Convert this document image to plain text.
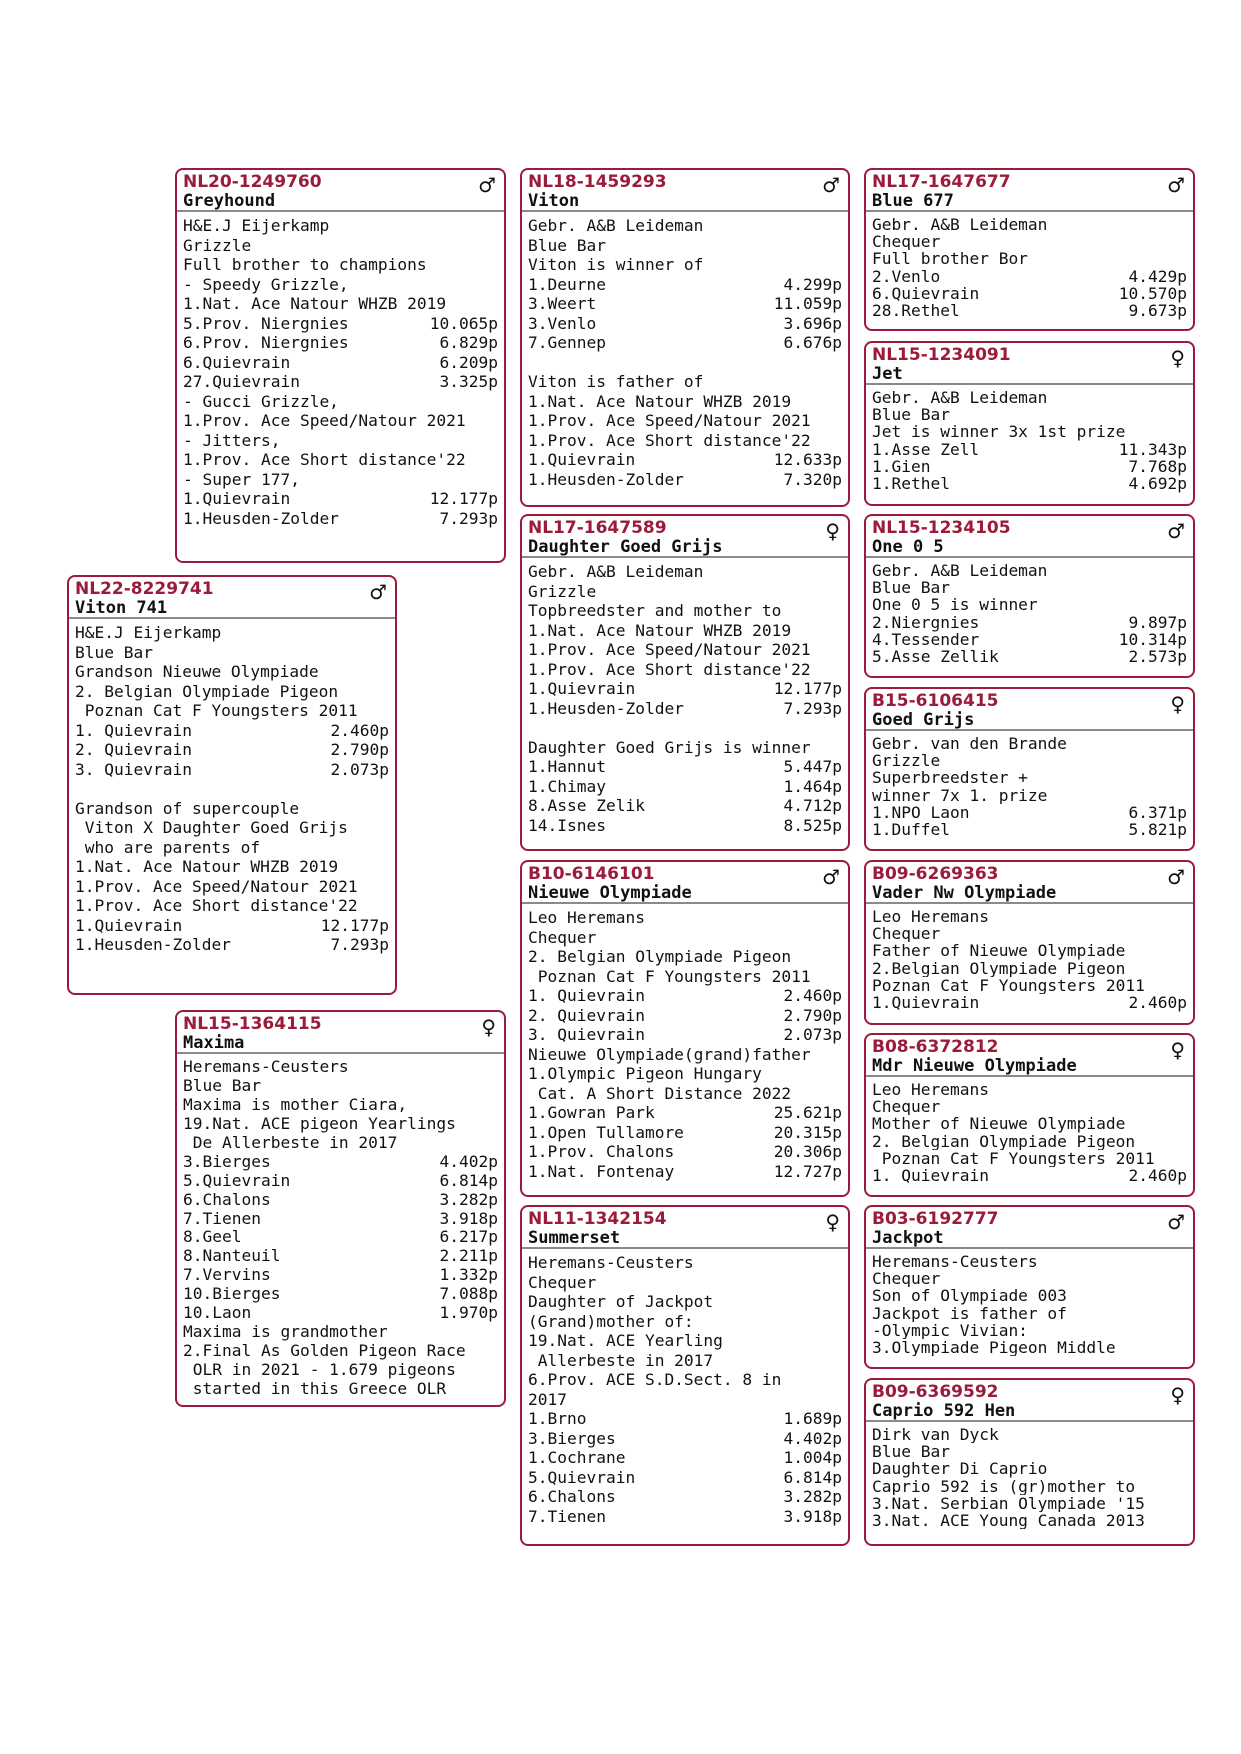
NL20-1249760
Greyhound
♂
H&E.J Eijerkamp
Grizzle
Full brother to champions
- Speedy Grizzle,
1.Nat. Ace Natour WHZB 2019
5.Prov. Niergnies	10.065p
6.Prov. Niergnies	6.829p
6.Quievrain	6.209p
27.Quievrain	3.325p
- Gucci Grizzle,
1.Prov. Ace Speed/Natour 2021
- Jitters,
1.Prov. Ace Short distance'22
- Super 177,
1.Quievrain	12.177p
1.Heusden-Zolder	7.293p
NL18-1459293
Viton
♂
Gebr. A&B Leideman
Blue Bar
Viton is winner of
1.Deurne	4.299p
3.Weert	11.059p
3.Venlo	3.696p
7.Gennep	6.676p
Viton is father of
1.Nat. Ace Natour WHZB 2019
1.Prov. Ace Speed/Natour 2021
1.Prov. Ace Short distance'22
1.Quievrain	12.633p
1.Heusden-Zolder	7.320p
NL17-1647677
Blue 677
♂
Gebr. A&B Leideman
Chequer
Full brother Bor
2.Venlo	4.429p
6.Quievrain	10.570p
28.Rethel	9.673p
NL15-1234091
Jet
♀
Gebr. A&B Leideman
Blue Bar
Jet is winner 3x 1st prize
1.Asse Zell	11.343p
1.Gien	7.768p
1.Rethel	4.692p
NL17-1647589
Daughter Goed Grijs
♀
Gebr. A&B Leideman
Grizzle
Topbreedster and mother to
1.Nat. Ace Natour WHZB 2019
1.Prov. Ace Speed/Natour 2021
1.Prov. Ace Short distance'22
1.Quievrain	12.177p
1.Heusden-Zolder	7.293p
Daughter Goed Grijs is winner
1.Hannut	5.447p
1.Chimay	1.464p
8.Asse Zelik	4.712p
14.Isnes	8.525p
NL15-1234105
One 0 5
♂
Gebr. A&B Leideman
Blue Bar
One 0 5 is winner
2.Niergnies	9.897p
4.Tessender	10.314p
5.Asse Zellik	2.573p
NL22-8229741
Viton 741
♂
H&E.J Eijerkamp
Blue Bar
Grandson Nieuwe Olympiade
2. Belgian Olympiade Pigeon
Poznan Cat F Youngsters 2011
1. Quievrain	2.460p
2. Quievrain	2.790p
3. Quievrain	2.073p
Grandson of supercouple
Viton X Daughter Goed Grijs
who are parents of
1.Nat. Ace Natour WHZB 2019
1.Prov. Ace Speed/Natour 2021
1.Prov. Ace Short distance'22
1.Quievrain	12.177p
1.Heusden-Zolder	7.293p
B15-6106415
Goed Grijs
♀
Gebr. van den Brande
Grizzle
Superbreedster +
winner 7x 1. prize
1.NPO Laon	6.371p
1.Duffel	5.821p
B10-6146101
Nieuwe Olympiade
♂
Leo Heremans
Chequer
2. Belgian Olympiade Pigeon
Poznan Cat F Youngsters 2011
1. Quievrain	2.460p
2. Quievrain	2.790p
3. Quievrain	2.073p
Nieuwe Olympiade(grand)father
1.Olympic Pigeon Hungary
Cat. A Short Distance 2022
1.Gowran Park	25.621p
1.Open Tullamore	20.315p
1.Prov. Chalons	20.306p
1.Nat. Fontenay	12.727p
B09-6269363
Vader Nw Olympiade
♂
Leo Heremans
Chequer
Father of Nieuwe Olympiade
2.Belgian Olympiade Pigeon
Poznan Cat F Youngsters 2011
1.Quievrain	2.460p
NL15-1364115
Maxima
♀
Heremans-Ceusters
Blue Bar
Maxima is mother Ciara,
19.Nat. ACE pigeon Yearlings
De Allerbeste in 2017
3.Bierges	4.402p
5.Quievrain	6.814p
6.Chalons	3.282p
7.Tienen	3.918p
8.Geel	6.217p
8.Nanteuil	2.211p
7.Vervins	1.332p
10.Bierges	7.088p
10.Laon	1.970p
Maxima is grandmother
2.Final As Golden Pigeon Race
OLR in 2021 - 1.679 pigeons
started in this Greece OLR
B08-6372812
Mdr Nieuwe Olympiade
♀
Leo Heremans
Chequer
Mother of Nieuwe Olympiade
2. Belgian Olympiade Pigeon
Poznan Cat F Youngsters 2011
1. Quievrain	2.460p
NL11-1342154
Summerset
♀
Heremans-Ceusters
Chequer
Daughter of Jackpot
(Grand)mother of:
19.Nat. ACE Yearling
Allerbeste in 2017
6.Prov. ACE S.D.Sect. 8 in
2017
1.Brno	1.689p
3.Bierges	4.402p
1.Cochrane	1.004p
5.Quievrain	6.814p
6.Chalons	3.282p
7.Tienen	3.918p
B03-6192777
Jackpot
♂
Heremans-Ceusters
Chequer
Son of Olympiade 003
Jackpot is father of
-Olympic Vivian:
3.Olympiade Pigeon Middle
B09-6369592
Caprio 592 Hen
♀
Dirk van Dyck
Blue Bar
Daughter Di Caprio
Caprio 592 is (gr)mother to
3.Nat. Serbian Olympiade '15
3.Nat. ACE Young Canada 2013
